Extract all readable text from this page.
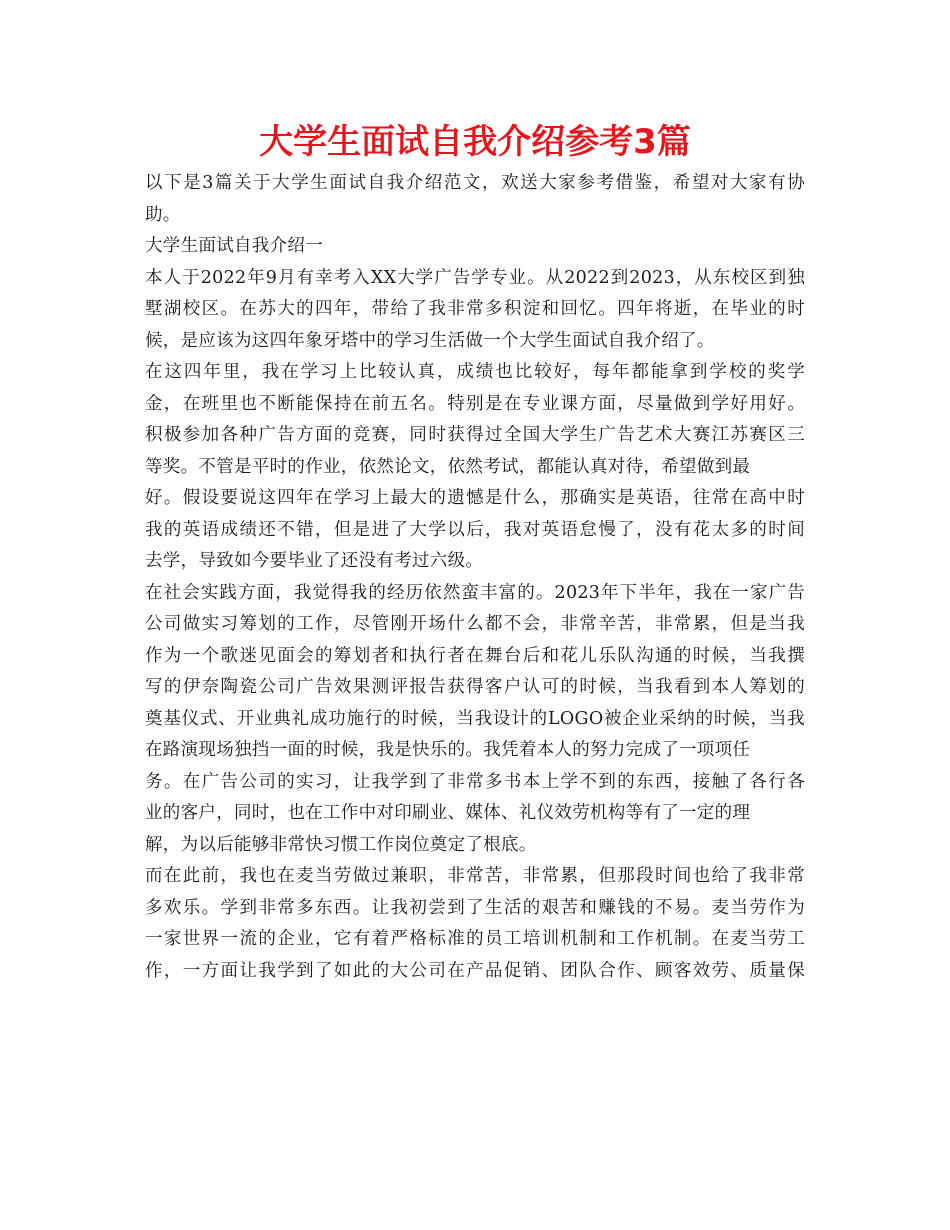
大学生面试自我介绍参考3篇
以下是3篇关于大学生面试自我介绍范文，欢送大家参考借鉴，希望对大家有协
助。
大学生面试自我介绍一
本人于2022年9月有幸考入XX大学广告学专业。从2022到2023，从东校区到独
墅湖校区。在苏大的四年，带给了我非常多积淀和回忆。四年将逝，在毕业的时
候，是应该为这四年象牙塔中的学习生活做一个大学生面试自我介绍了。
在这四年里，我在学习上比较认真，成绩也比较好，每年都能拿到学校的奖学
金，在班里也不断能保持在前五名。特别是在专业课方面，尽量做到学好用好。
积极参加各种广告方面的竞赛，同时获得过全国大学生广告艺术大赛江苏赛区三
等奖。不管是平时的作业，依然论文，依然考试，都能认真对待，希望做到最
好。假设要说这四年在学习上最大的遗憾是什么，那确实是英语，往常在高中时
我的英语成绩还不错，但是进了大学以后，我对英语怠慢了，没有花太多的时间
去学，导致如今要毕业了还没有考过六级。
在社会实践方面，我觉得我的经历依然蛮丰富的。2023年下半年，我在一家广告
公司做实习筹划的工作，尽管刚开场什么都不会，非常辛苦，非常累，但是当我
作为一个歌迷见面会的筹划者和执行者在舞台后和花儿乐队沟通的时候，当我撰
写的伊奈陶瓷公司广告效果测评报告获得客户认可的时候，当我看到本人筹划的
奠基仪式、开业典礼成功施行的时候，当我设计的LOGO被企业采纳的时候，当我
在路演现场独挡一面的时候，我是快乐的。我凭着本人的努力完成了一项项任
务。在广告公司的实习，让我学到了非常多书本上学不到的东西，接触了各行各
业的客户，同时，也在工作中对印刷业、媒体、礼仪效劳机构等有了一定的理
解，为以后能够非常快习惯工作岗位奠定了根底。
而在此前，我也在麦当劳做过兼职，非常苦，非常累，但那段时间也给了我非常
多欢乐。学到非常多东西。让我初尝到了生活的艰苦和赚钱的不易。麦当劳作为
一家世界一流的企业，它有着严格标准的员工培训机制和工作机制。在麦当劳工
作，一方面让我学到了如此的大公司在产品促销、团队合作、顾客效劳、质量保
